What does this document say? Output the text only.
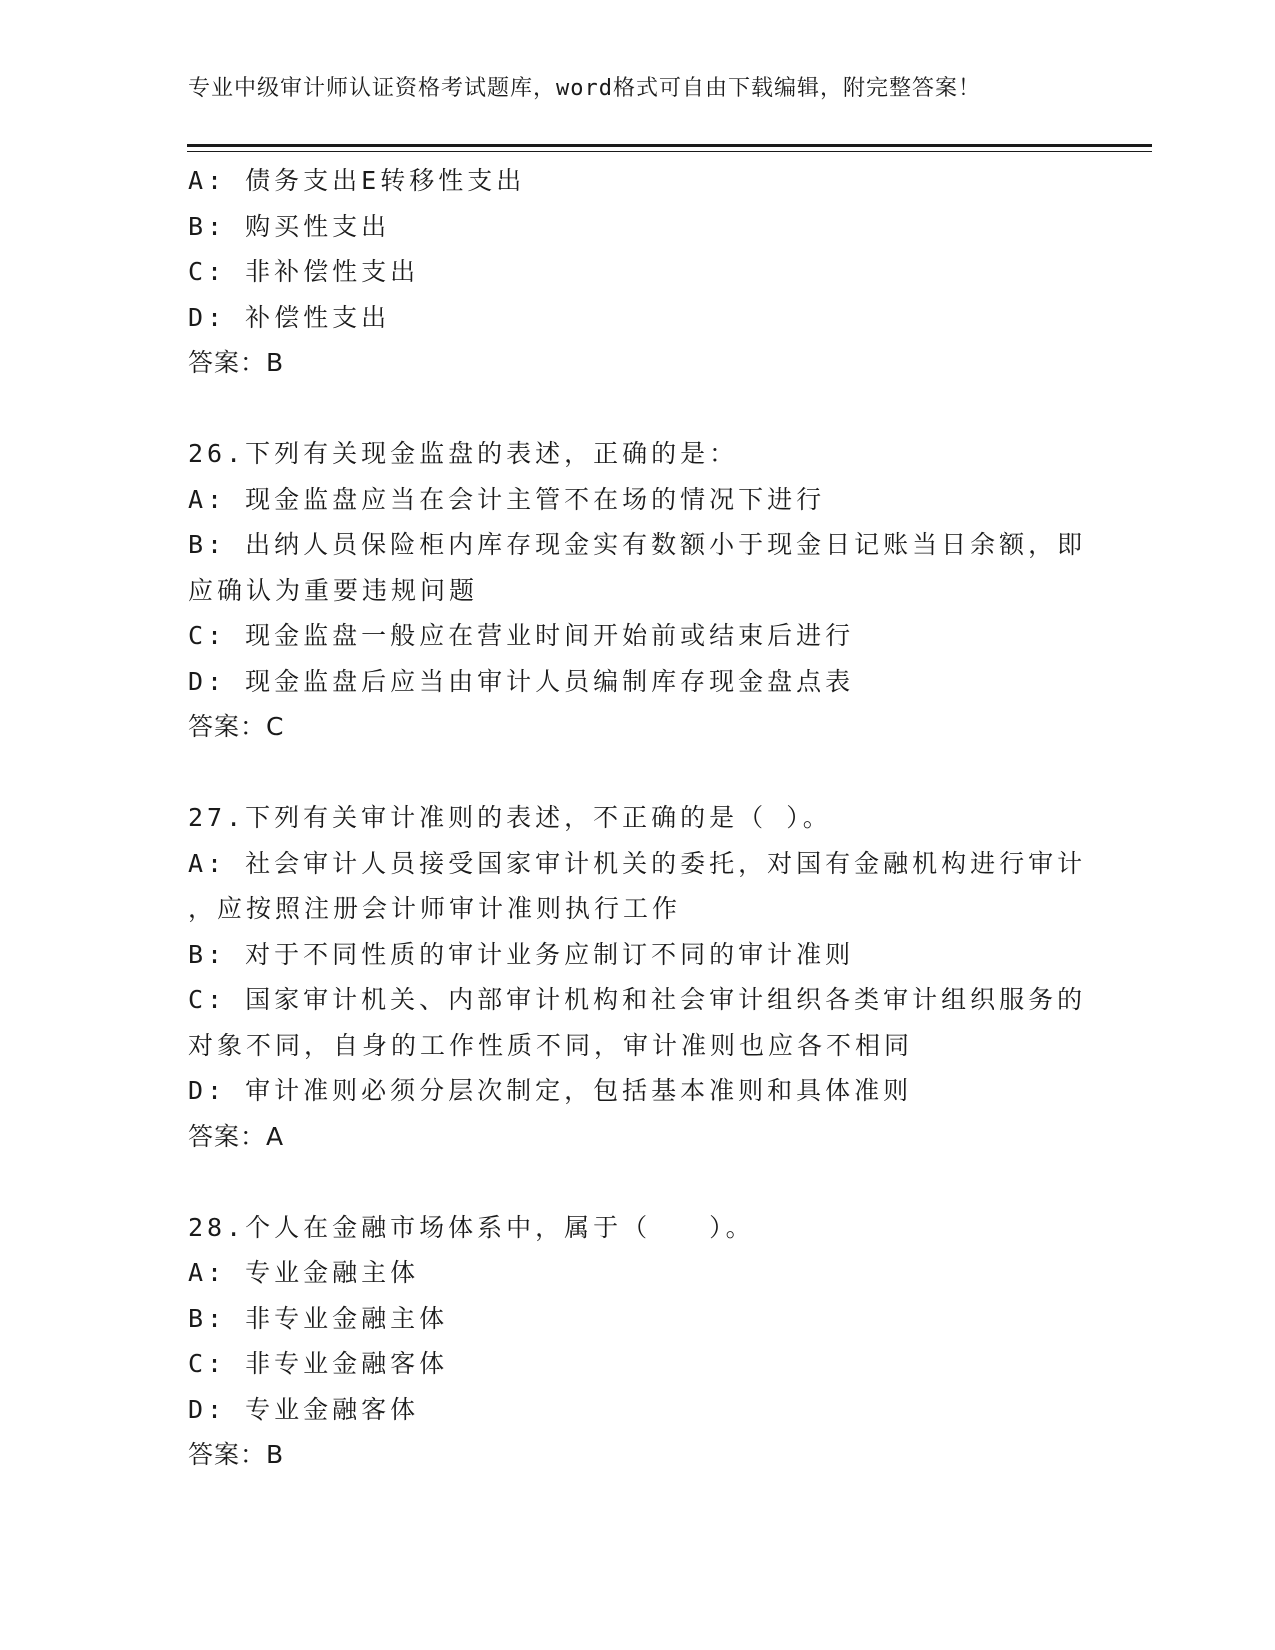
专业中级审计师认证资格考试题库，word格式可自由下载编辑，附完整答案！
A: 债务支出E转移性支出
B: 购买性支出
C: 非补偿性支出
D: 补偿性支出
答案：B
26.下列有关现金监盘的表述，正确的是：
A: 现金监盘应当在会计主管不在场的情况下进行
B: 出纳人员保险柜内库存现金实有数额小于现金日记账当日余额，即
应确认为重要违规问题
C: 现金监盘一般应在营业时间开始前或结束后进行
D: 现金监盘后应当由审计人员编制库存现金盘点表
答案：C
27.下列有关审计准则的表述，不正确的是（ ）。
A: 社会审计人员接受国家审计机关的委托，对国有金融机构进行审计
，应按照注册会计师审计准则执行工作
B: 对于不同性质的审计业务应制订不同的审计准则
C: 国家审计机关、内部审计机构和社会审计组织各类审计组织服务的
对象不同，自身的工作性质不同，审计准则也应各不相同
D: 审计准则必须分层次制定，包括基本准则和具体准则
答案：A
28.个人在金融市场体系中，属于（　　）。
A: 专业金融主体
B: 非专业金融主体
C: 非专业金融客体
D: 专业金融客体
答案：B
